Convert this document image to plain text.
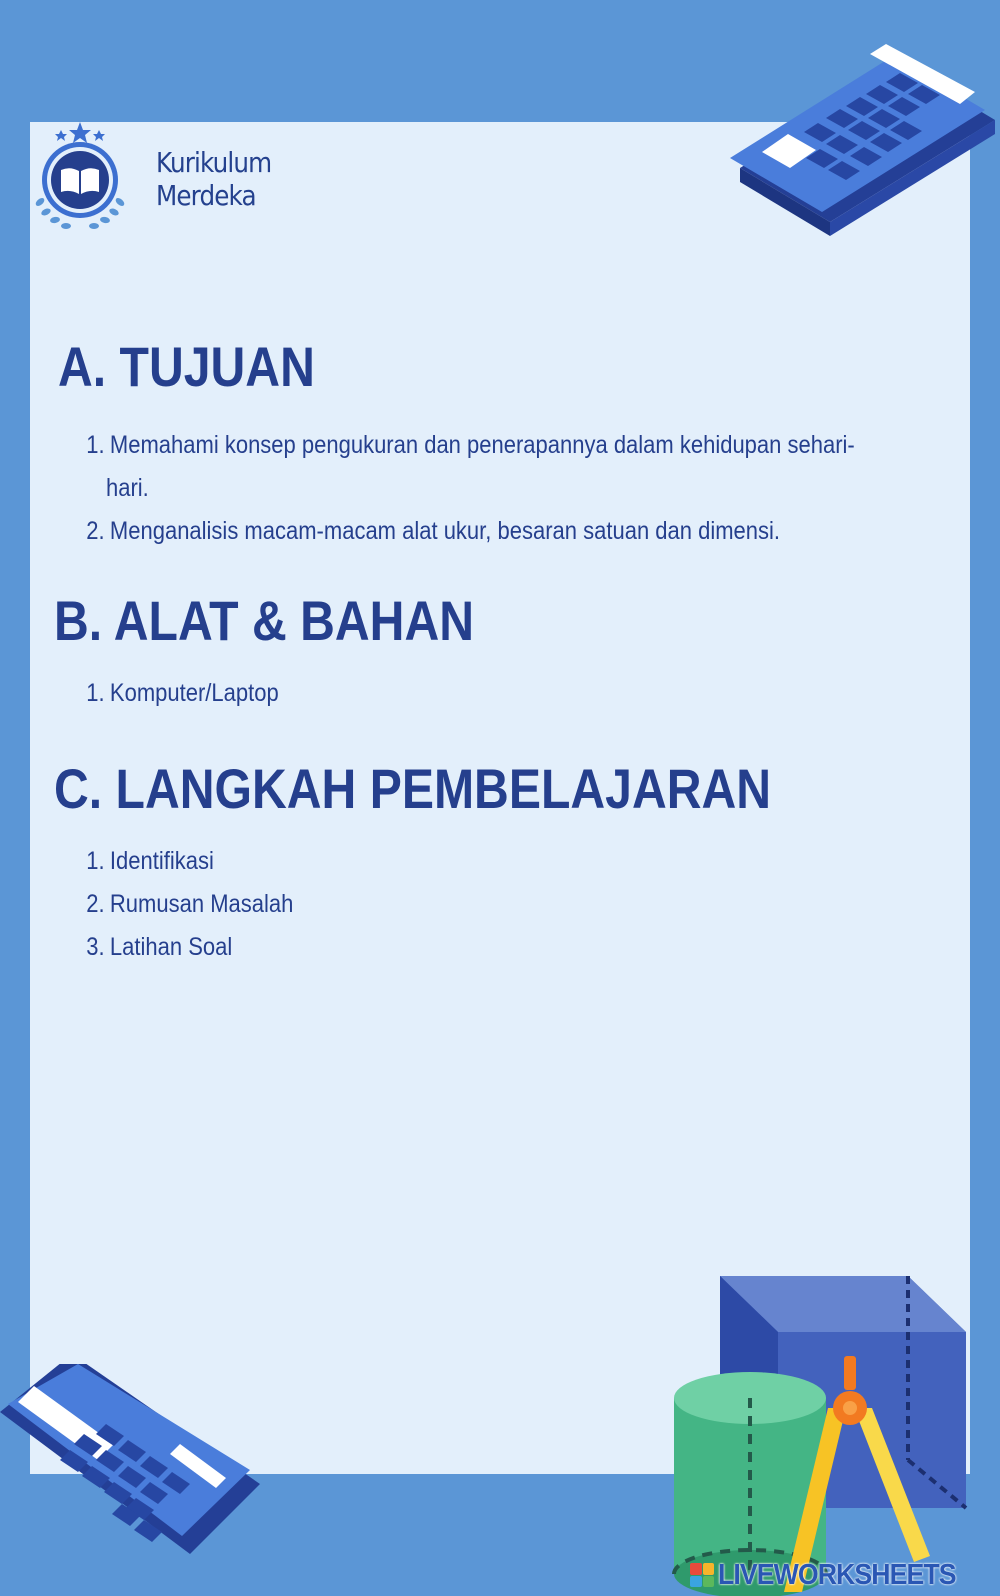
Kurikulum
Merdeka
A. TUJUAN
1. Memahami konsep pengukuran dan penerapannya dalam kehidupan sehari-
hari.
2. Menganalisis macam-macam alat ukur, besaran satuan dan dimensi.
B. ALAT & BAHAN
1. Komputer/Laptop
C. LANGKAH PEMBELAJARAN
1. Identifikasi
2. Rumusan Masalah
3. Latihan Soal
LIVEWORKSHEETS
